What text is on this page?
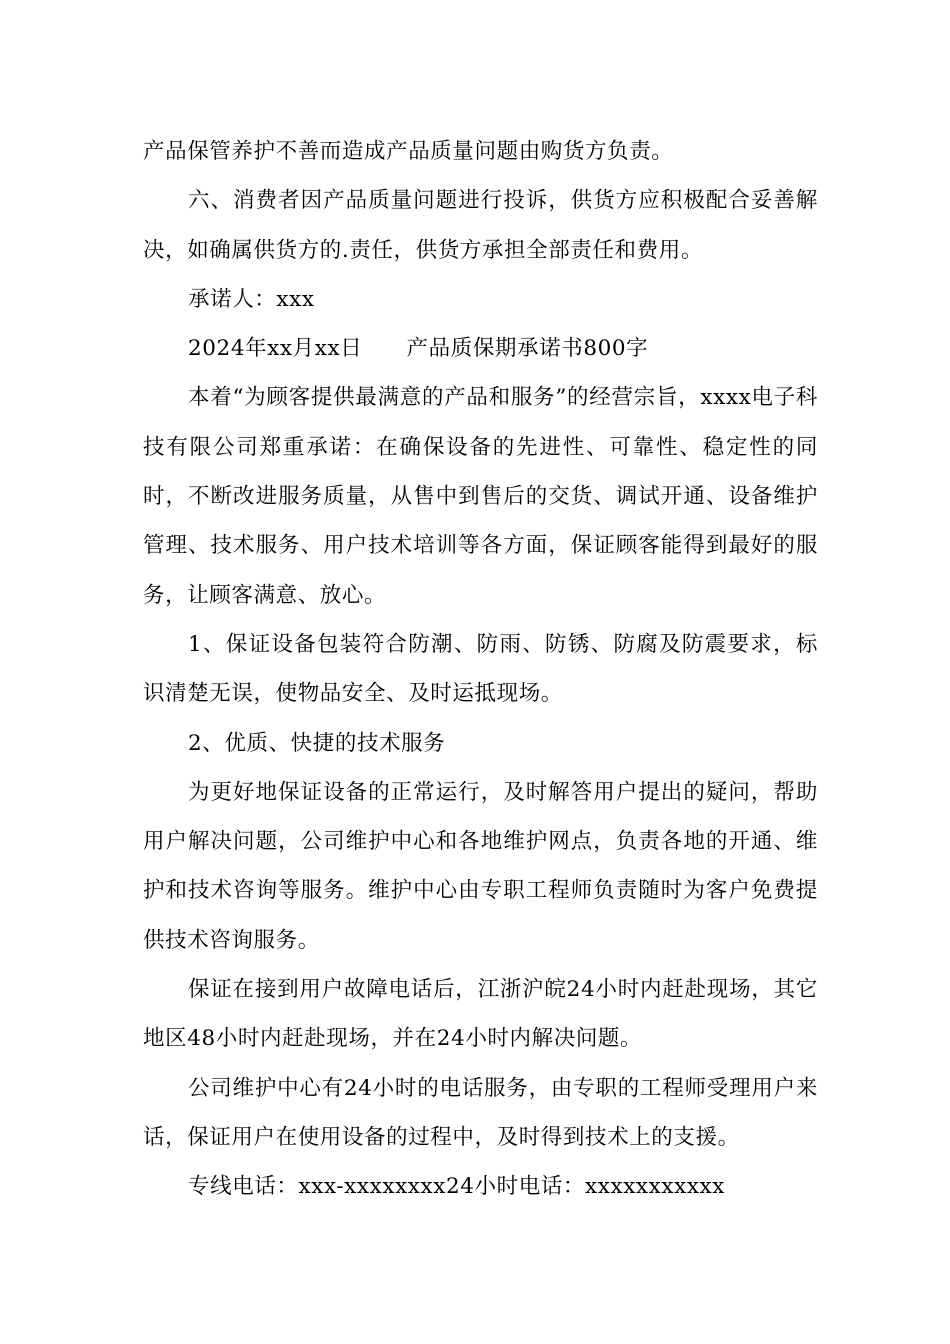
产品保管养护不善而造成产品质量问题由购货方负责。

六、消费者因产品质量问题进行投诉，供货方应积极配合妥善解决，如确属供货方的.责任，供货方承担全部责任和费用。

承诺人：xxx

2024年xx月xx日　　产品质保期承诺书800字

本着“为顾客提供最满意的产品和服务”的经营宗旨，xxxx电子科技有限公司郑重承诺：在确保设备的先进性、可靠性、稳定性的同时，不断改进服务质量，从售中到售后的交货、调试开通、设备维护管理、技术服务、用户技术培训等各方面，保证顾客能得到最好的服务，让顾客满意、放心。

1、保证设备包装符合防潮、防雨、防锈、防腐及防震要求，标识清楚无误，使物品安全、及时运抵现场。

2、优质、快捷的技术服务

为更好地保证设备的正常运行，及时解答用户提出的疑问，帮助用户解决问题，公司维护中心和各地维护网点，负责各地的开通、维护和技术咨询等服务。维护中心由专职工程师负责随时为客户免费提供技术咨询服务。

保证在接到用户故障电话后，江浙沪皖24小时内赶赴现场，其它地区48小时内赶赴现场，并在24小时内解决问题。

公司维护中心有24小时的电话服务，由专职的工程师受理用户来话，保证用户在使用设备的过程中，及时得到技术上的支援。

专线电话：xxx-xxxxxxxx24小时电话：xxxxxxxxxxx
